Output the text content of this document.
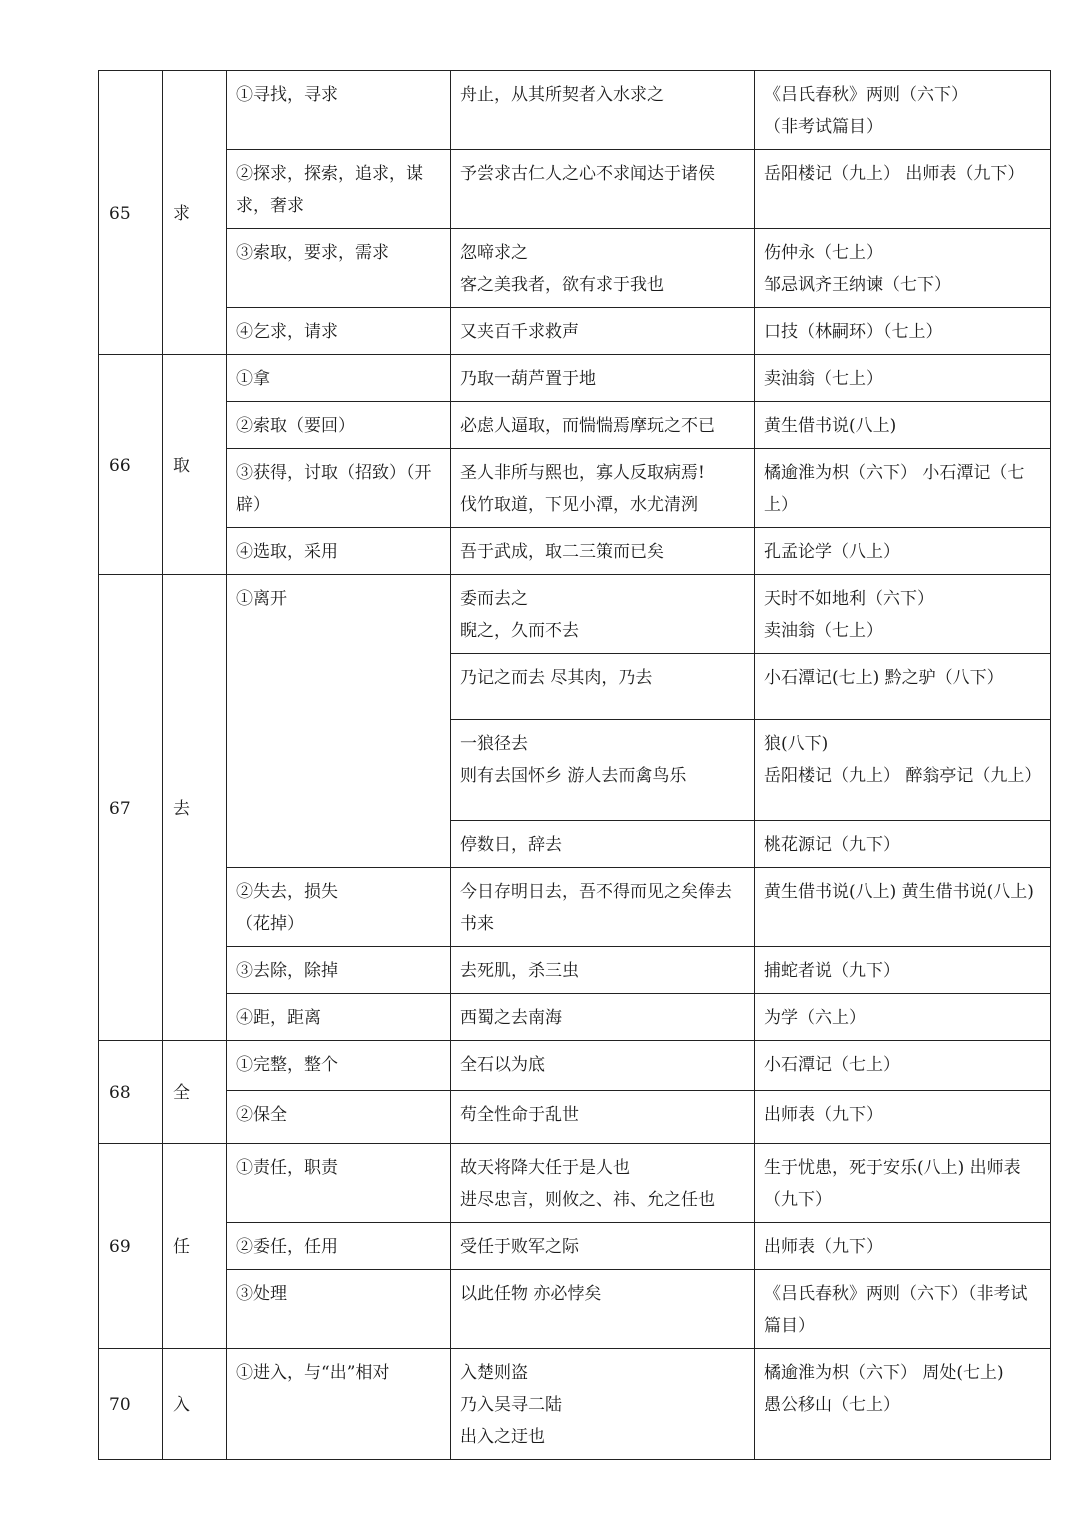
65	求	①寻找，寻求	舟止，从其所契者入水求之	《吕氏春秋》两则（六下）
（非考试篇目）

		②探求，探索，追求，谋求，奢求	予尝求古仁人之心不求闻达于诸侯	岳阳楼记（九上） 出师表（九下）

		③索取，要求，需求	忽啼求之
客之美我者，欲有求于我也	伤仲永（七上）
邹忌讽齐王纳谏（七下）

		④乞求，请求	又夹百千求救声	口技（林嗣环）（七上）

66	取	①拿	乃取一葫芦置于地	卖油翁（七上）

		②索取（要回）	必虑人逼取，而惴惴焉摩玩之不已	黄生借书说(八上)

		③获得，讨取（招致）（开辟）	圣人非所与熙也，寡人反取病焉!
伐竹取道，下见小潭，水尤清洌	橘逾淮为枳（六下） 小石潭记（七上）

		④选取，采用	吾于武成，取二三策而已矣	孔孟论学（八上）

67	去	①离开	委而去之
睨之，久而不去	天时不如地利（六下）
卖油翁（七上）

			乃记之而去 尽其肉，乃去	小石潭记(七上) 黔之驴（八下）

			一狼径去
则有去国怀乡 游人去而禽鸟乐	狼(八下)
岳阳楼记（九上） 醉翁亭记（九上）

			停数日，辞去	桃花源记（九下）

		②失去，损失
（花掉）	今日存明日去，吾不得而见之矣俸去书来	黄生借书说(八上) 黄生借书说(八上)

		③去除，除掉	去死肌，杀三虫	捕蛇者说（九下）

		④距，距离	西蜀之去南海	为学（六上）

68	全	①完整，整个	全石以为底	小石潭记（七上）

		②保全	苟全性命于乱世	出师表（九下）

69	任	①责任，职责	故天将降大任于是人也
进尽忠言，则攸之、祎、允之任也	生于忧患，死于安乐(八上) 出师表（九下）

		②委任，任用	受任于败军之际	出师表（九下）

		③处理	以此任物 亦必悖矣	《吕氏春秋》两则（六下）（非考试篇目）

70	入	①进入，与“出”相对	入楚则盗
乃入吴寻二陆
出入之迂也	橘逾淮为枳（六下） 周处(七上)
愚公移山（七上）
